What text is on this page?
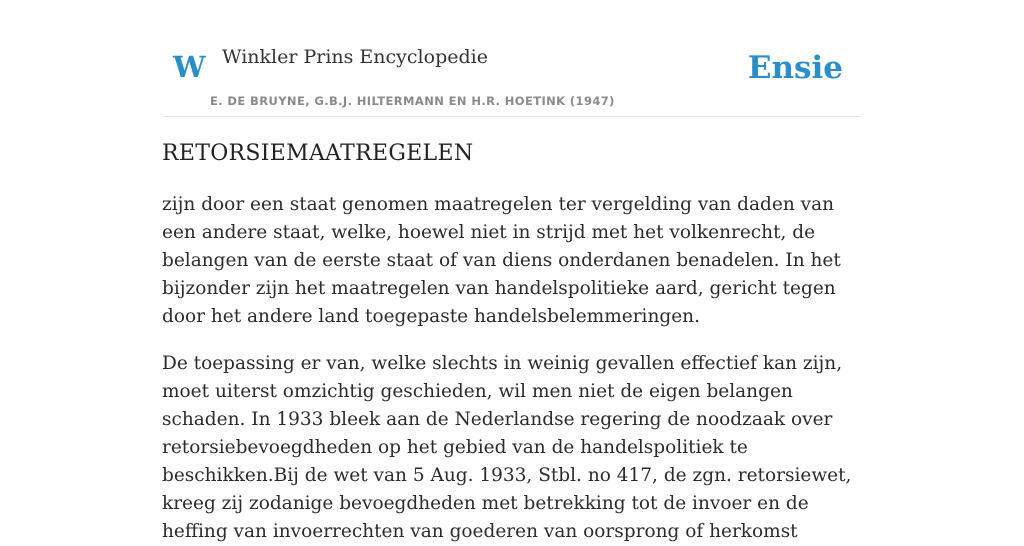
W Winkler Prins Encyclopedie
E. DE BRUYNE, G.B.J. HILTERMANN EN H.R. HOETINK (1947)
Ensie
RETORSIEMAATREGELEN

zijn door een staat genomen maatregelen ter vergelding van daden van een andere staat, welke, hoewel niet in strijd met het volkenrecht, de belangen van de eerste staat of van diens onderdanen benadelen. In het bijzonder zijn het maatregelen van handelspolitieke aard, gericht tegen door het andere land toegepaste handelsbelemmeringen.

De toepassing er van, welke slechts in weinig gevallen effectief kan zijn, moet uiterst omzichtig geschieden, wil men niet de eigen belangen schaden. In 1933 bleek aan de Nederlandse regering de noodzaak over retorsiebevoegdheden op het gebied van de handelspolitiek te beschikken.Bij de wet van 5 Aug. 1933, Stbl. no 417, de zgn. retorsiewet, kreeg zij zodanige bevoegdheden met betrekking tot de invoer en de heffing van invoerrechten van goederen van oorsprong of herkomst
